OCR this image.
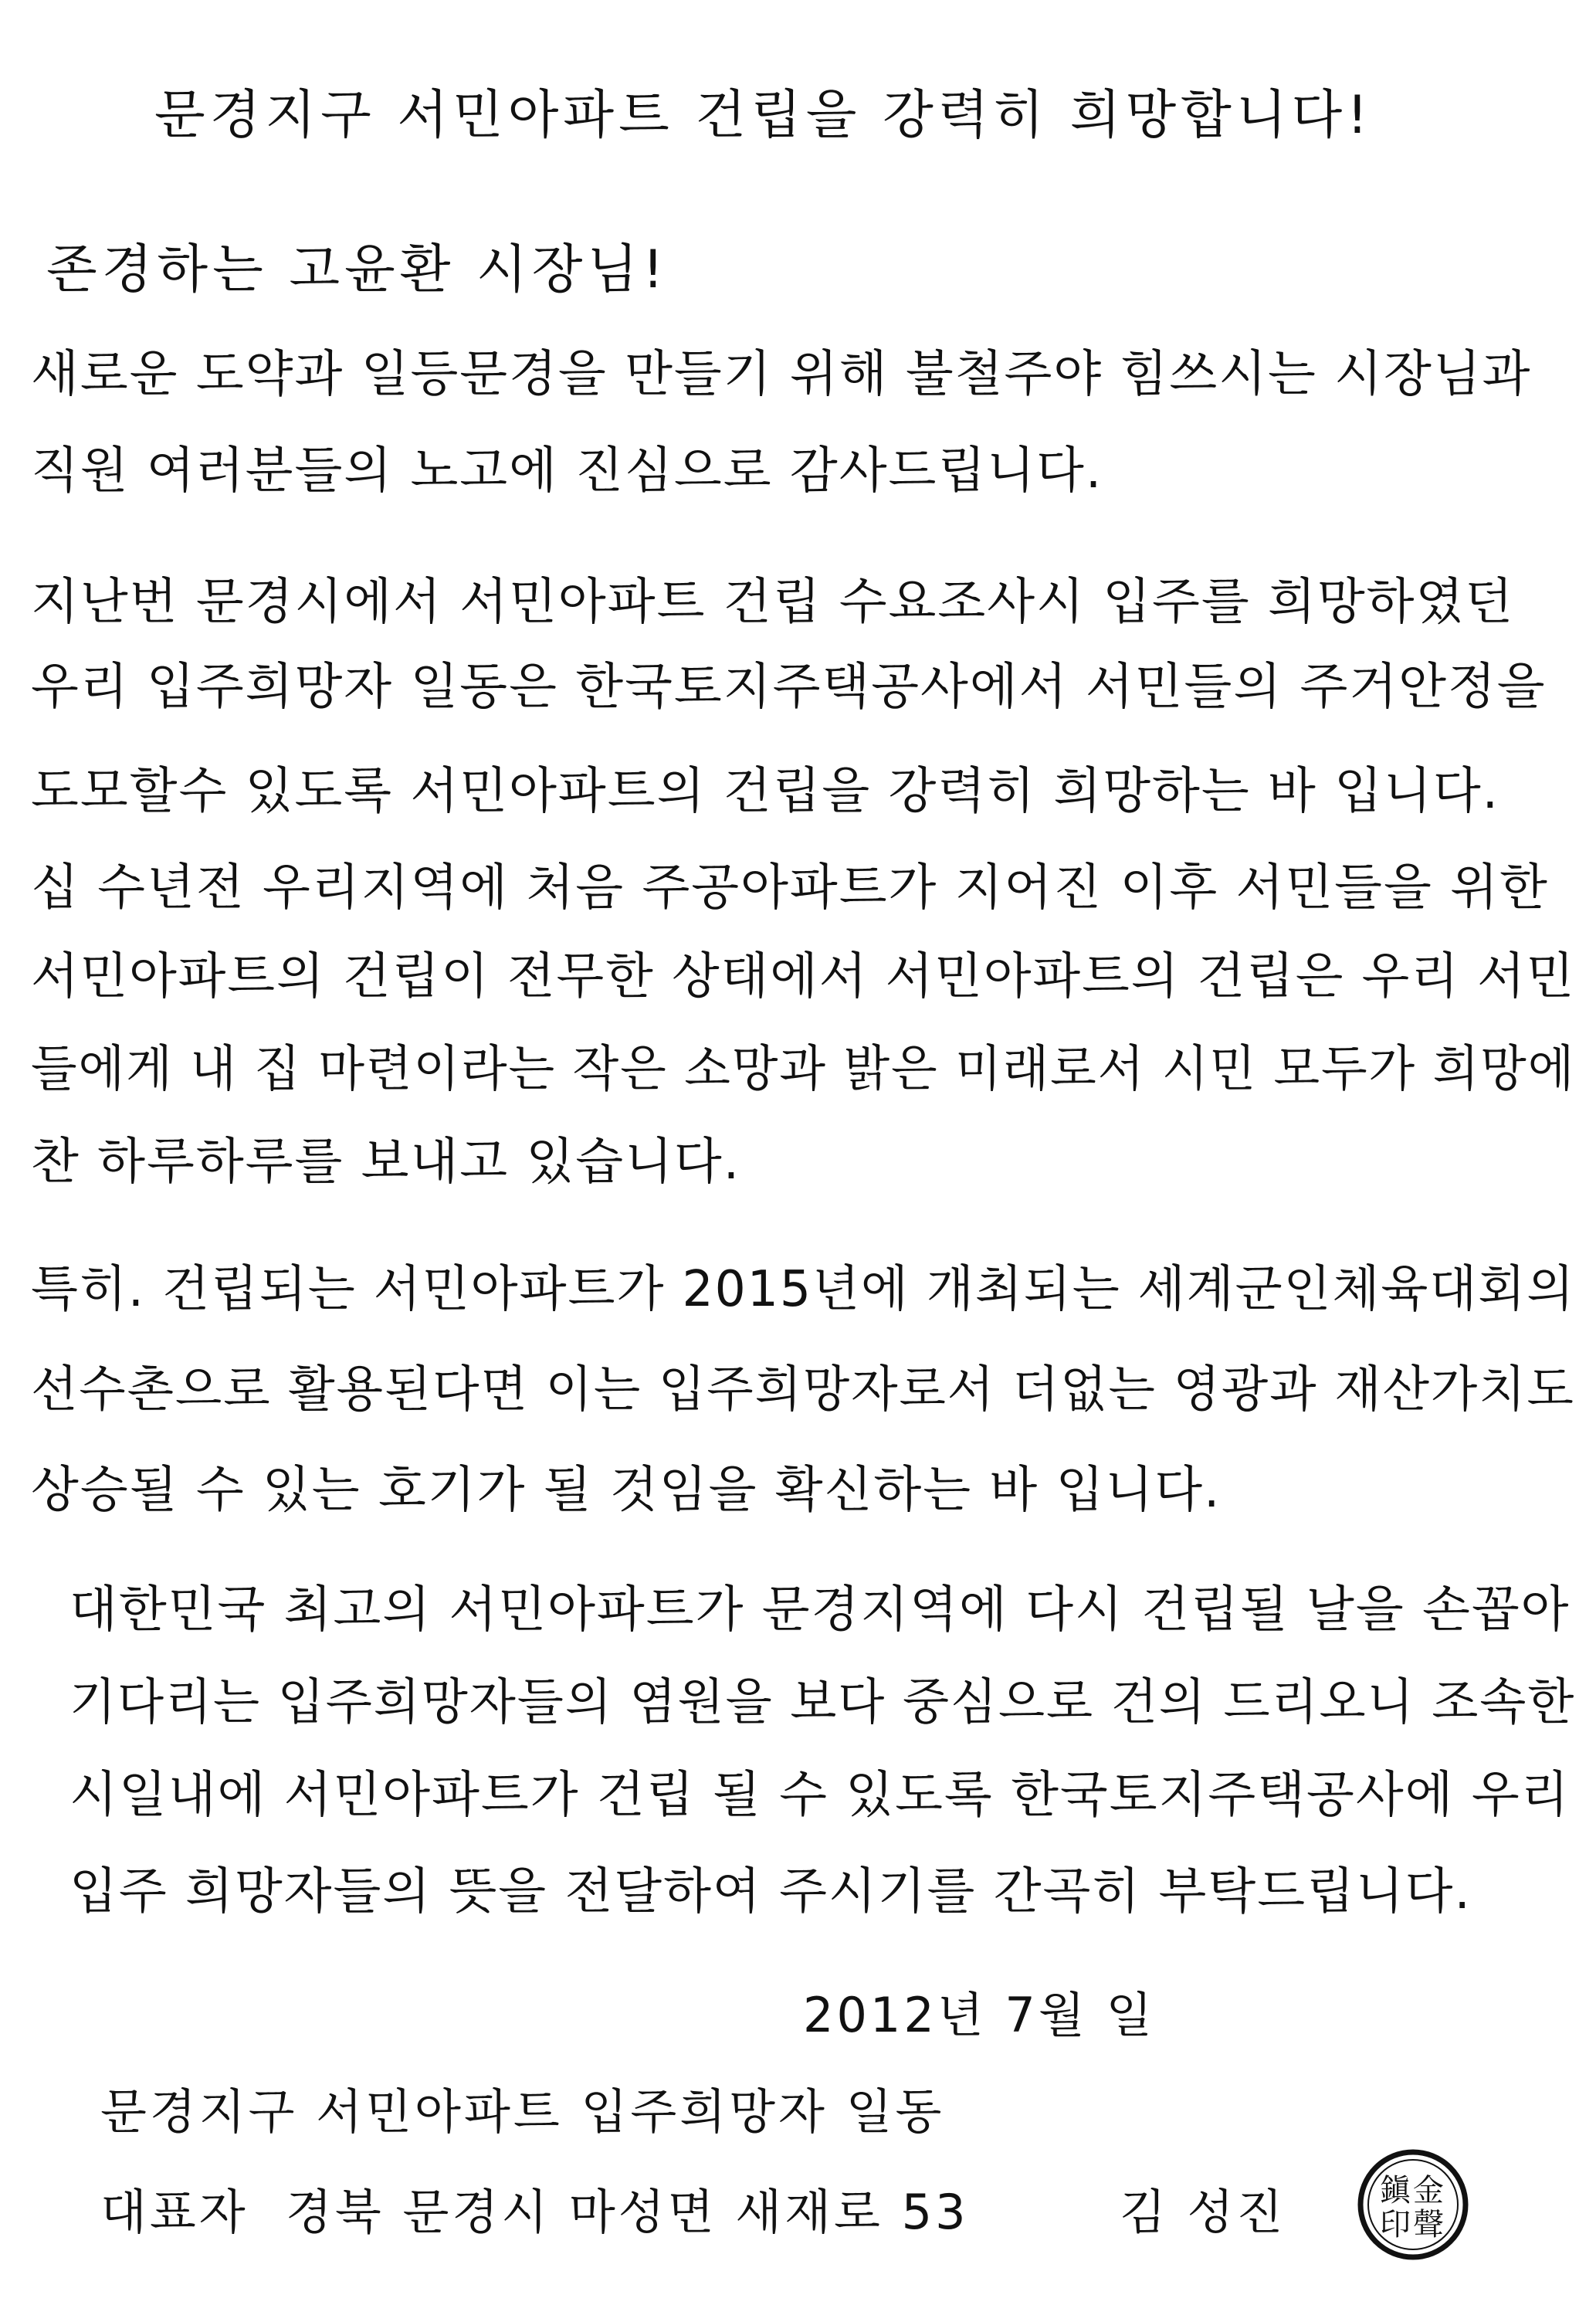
문경지구 서민아파트 건립을 강력히 희망합니다!
존경하는 고윤환 시장님!
새로운 도약과 일등문경을 만들기 위해 불철주야 힘쓰시는 시장님과
직원 여러분들의 노고에 진심으로 감사드립니다.
지난번 문경시에서 서민아파트 건립 수요조사시 입주를 희망하였던
우리 입주희망자 일동은 한국토지주택공사에서 서민들의 주거안정을
도모할수 있도록 서민아파트의 건립을 강력히 희망하는 바 입니다.
십 수년전 우리지역에 처음 주공아파트가 지어진 이후 서민들을 위한
서민아파트의 건립이 전무한 상태에서 서민아파트의 건립은 우리 서민
들에게 내 집 마련이라는 작은 소망과 밝은 미래로서 시민 모두가 희망에
찬 하루하루를 보내고 있습니다.
특히. 건립되는 서민아파트가 2015년에 개최되는 세계군인체육대회의
선수촌으로 활용된다면 이는 입주희망자로서 더없는 영광과 재산가치도
상승될 수 있는 호기가 될 것임을 확신하는 바 입니다.
대한민국 최고의 서민아파트가 문경지역에 다시 건립될 날을 손꼽아
기다리는 입주희망자들의 염원을 보다 중심으로 건의 드리오니 조속한
시일내에 서민아파트가 건립 될 수 있도록 한국토지주택공사에 우리
입주 희망자들의 뜻을 전달하여 주시기를 간곡히 부탁드립니다.
2012년 7월 일
문경지구 서민아파트 입주희망자 일동
대표자 경북 문경시 마성면 새재로 53	김 성진	金
鎭
聲
印
